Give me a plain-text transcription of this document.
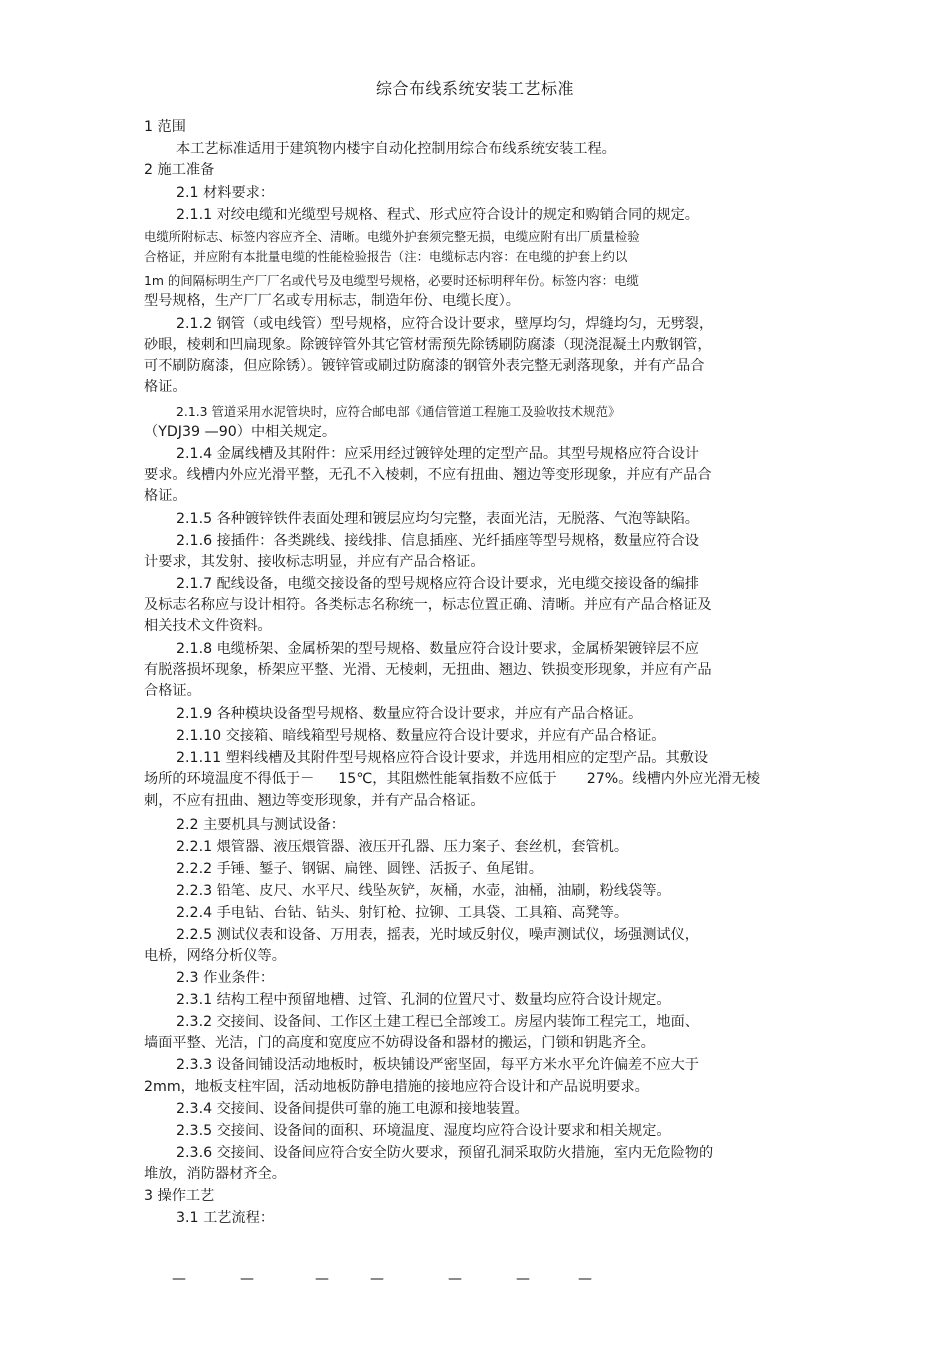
综合布线系统安装工艺标准
1 范围
本工艺标准适用于建筑物内楼宇自动化控制用综合布线系统安装工程。
2 施工准备
2.1 材料要求：
2.1.1 对绞电缆和光缆型号规格、程式、形式应符合设计的规定和购销合同的规定。
电缆所附标志、标签内容应齐全、清晰。电缆外护套须完整无损，电缆应附有出厂质量检验
合格证，并应附有本批量电缆的性能检验报告（注：电缆标志内容：在电缆的护套上约以
1m 的间隔标明生产厂厂名或代号及电缆型号规格，必要时还标明秤年份。标签内容：电缆
型号规格，生产厂厂名或专用标志，制造年份、电缆长度）。
2.1.2 钢管（或电线管）型号规格，应符合设计要求，壁厚均匀，焊缝均匀，无劈裂，
砂眼，棱刺和凹扁现象。除镀锌管外其它管材需预先除锈刷防腐漆（现浇混凝土内敷钢管，
可不刷防腐漆，但应除锈）。镀锌管或刷过防腐漆的钢管外表完整无剥落现象，并有产品合
格证。
2.1.3 管道采用水泥管块时，应符合邮电部《通信管道工程施工及验收技术规范》
（YDJ39 —90）中相关规定。
2.1.4 金属线槽及其附件：应采用经过镀锌处理的定型产品。其型号规格应符合设计
要求。线槽内外应光滑平整，无孔不入棱刺，不应有扭曲、翘边等变形现象，并应有产品合
格证。
2.1.5 各种镀锌铁件表面处理和镀层应均匀完整，表面光洁，无脱落、气泡等缺陷。
2.1.6 接插件：各类跳线、接线排、信息插座、光纤插座等型号规格，数量应符合设
计要求，其发射、接收标志明显，并应有产品合格证。
2.1.7 配线设备，电缆交接设备的型号规格应符合设计要求，光电缆交接设备的编排
及标志名称应与设计相符。各类标志名称统一，标志位置正确、清晰。并应有产品合格证及
相关技术文件资料。
2.1.8 电缆桥架、金属桥架的型号规格、数量应符合设计要求，金属桥架镀锌层不应
有脱落损坏现象，桥架应平整、光滑、无棱刺，无扭曲、翘边、铁损变形现象，并应有产品
合格证。
2.1.9 各种模块设备型号规格、数量应符合设计要求，并应有产品合格证。
2.1.10 交接箱、暗线箱型号规格、数量应符合设计要求，并应有产品合格证。
2.1.11 塑料线槽及其附件型号规格应符合设计要求，并选用相应的定型产品。其敷设
场所的环境温度不得低于－ 15℃，其阻燃性能氧指数不应低于 27%。线槽内外应光滑无棱
刺，不应有扭曲、翘边等变形现象，并有产品合格证。
2.2 主要机具与测试设备：
2.2.1 煨管器、液压煨管器、液压开孔器、压力案子、套丝机，套管机。
2.2.2 手锤、錾子、钢锯、扁锉、圆锉、活扳子、鱼尾钳。
2.2.3 铅笔、皮尺、水平尺、线坠灰铲，灰桶，水壶，油桶，油刷，粉线袋等。
2.2.4 手电钻、台钻、钻头、射钉枪、拉铆、工具袋、工具箱、高凳等。
2.2.5 测试仪表和设备、万用表，摇表，光时域反射仪，噪声测试仪，场强测试仪，
电桥，网络分析仪等。
2.3 作业条件：
2.3.1 结构工程中预留地槽、过管、孔洞的位置尺寸、数量均应符合设计规定。
2.3.2 交接间、设备间、工作区土建工程已全部竣工。房屋内装饰工程完工，地面、
墙面平整、光洁，门的高度和宽度应不妨碍设备和器材的搬运，门锁和钥匙齐全。
2.3.3 设备间铺设活动地板时，板块铺设严密坚固，每平方米水平允许偏差不应大于
2mm，地板支柱牢固，活动地板防静电措施的接地应符合设计和产品说明要求。
2.3.4 交接间、设备间提供可靠的施工电源和接地装置。
2.3.5 交接间、设备间的面积、环境温度、湿度均应符合设计要求和相关规定。
2.3.6 交接间、设备间应符合安全防火要求，预留孔洞采取防火措施，室内无危险物的
堆放，消防器材齐全。
3 操作工艺
3.1 工艺流程：
—	—	—	—	—	—	—
